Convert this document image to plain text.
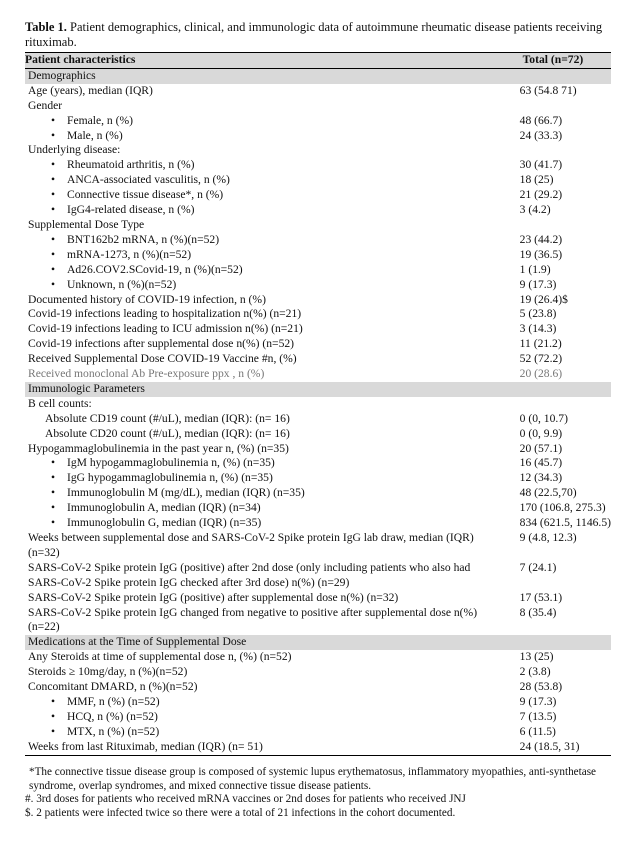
Table 1. Patient demographics, clinical, and immunologic data of autoimmune rheumatic disease patients receiving rituximab.
Patient characteristics	Total (n=72)
Demographics	
Age (years), median (IQR)	63 (54.8 71)
Gender	
• Female, n (%)	48 (66.7)
• Male, n (%)	24 (33.3)
Underlying disease:	
• Rheumatoid arthritis, n (%)	30 (41.7)
• ANCA-associated vasculitis, n (%)	18 (25)
• Connective tissue disease*, n (%)	21 (29.2)
• IgG4-related disease, n (%)	3 (4.2)
Supplemental Dose Type	
• BNT162b2 mRNA, n (%)(n=52)	23 (44.2)
• mRNA-1273, n (%)(n=52)	19 (36.5)
• Ad26.COV2.SCovid-19, n (%)(n=52)	1 (1.9)
• Unknown, n (%)(n=52)	9 (17.3)
Documented history of COVID-19 infection, n (%)	19 (26.4)$
Covid-19 infections leading to hospitalization n(%) (n=21)	5 (23.8)
Covid-19 infections leading to ICU admission n(%) (n=21)	3 (14.3)
Covid-19 infections after supplemental dose n(%) (n=52)	11 (21.2)
Received Supplemental Dose COVID-19 Vaccine #n, (%)	52 (72.2)
Received monoclonal Ab Pre-exposure ppx , n (%)	20 (28.6)
Immunologic Parameters	
B cell counts:	
Absolute CD19 count (#/uL), median (IQR): (n= 16)	0 (0, 10.7)
Absolute CD20 count (#/uL), median (IQR): (n= 16)	0 (0, 9.9)
Hypogammaglobulinemia in the past year n, (%) (n=35)	20 (57.1)
• IgM hypogammaglobulinemia n, (%) (n=35)	16 (45.7)
• IgG hypogammaglobulinemia n, (%) (n=35)	12 (34.3)
• Immunoglobulin M (mg/dL), median (IQR) (n=35)	48 (22.5,70)
• Immunoglobulin A, median (IQR) (n=34)	170 (106.8, 275.3)
• Immunoglobulin G, median (IQR) (n=35)	834 (621.5, 1146.5)
Weeks between supplemental dose and SARS-CoV-2 Spike protein IgG lab draw, median (IQR) (n=32)	9 (4.8, 12.3)
SARS-CoV-2 Spike protein IgG (positive) after 2nd dose (only including patients who also had SARS-CoV-2 Spike protein IgG checked after 3rd dose) n(%) (n=29)	7 (24.1)
SARS-CoV-2 Spike protein IgG (positive) after supplemental dose n(%) (n=32)	17 (53.1)
SARS-CoV-2 Spike protein IgG changed from negative to positive after supplemental dose n(%) (n=22)	8 (35.4)
Medications at the Time of Supplemental Dose	
Any Steroids at time of supplemental dose n, (%) (n=52)	13 (25)
Steroids ≥ 10mg/day, n (%)(n=52)	2 (3.8)
Concomitant DMARD, n (%)(n=52)	28 (53.8)
• MMF, n (%) (n=52)	9 (17.3)
• HCQ, n (%) (n=52)	7 (13.5)
• MTX, n (%) (n=52)	6 (11.5)
Weeks from last Rituximab, median (IQR) (n= 51)	24 (18.5, 31)
*The connective tissue disease group is composed of systemic lupus erythematosus, inflammatory myopathies, anti-synthetase syndrome, overlap syndromes, and mixed connective tissue disease patients.
#. 3rd doses for patients who received mRNA vaccines or 2nd doses for patients who received JNJ
$. 2 patients were infected twice so there were a total of 21 infections in the cohort documented.
